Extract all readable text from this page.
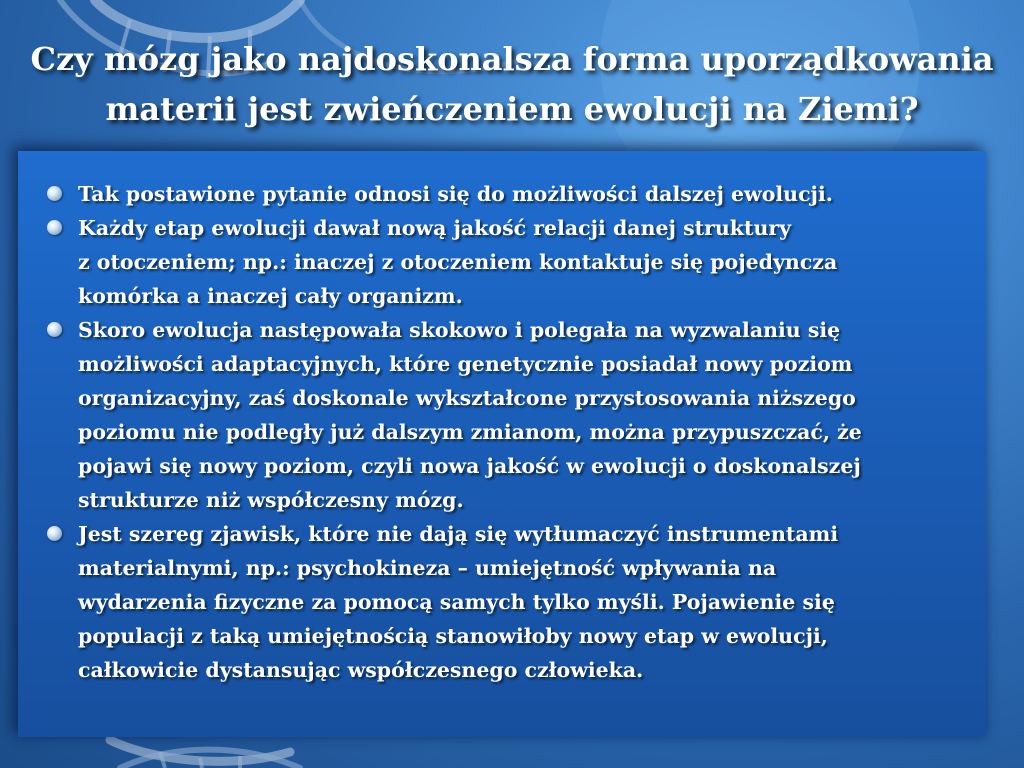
Czy mózg jako najdoskonalsza forma uporządkowania
materii jest zwieńczeniem ewolucji na Ziemi?
Tak postawione pytanie odnosi się do możliwości dalszej ewolucji.
Każdy etap ewolucji dawał nową jakość relacji danej struktury
z otoczeniem; np.: inaczej z otoczeniem kontaktuje się pojedyncza
komórka a inaczej cały organizm.
Skoro ewolucja następowała skokowo i polegała na wyzwalaniu się
możliwości adaptacyjnych, które genetycznie posiadał nowy poziom
organizacyjny, zaś doskonale wykształcone przystosowania niższego
poziomu nie podległy już dalszym zmianom, można przypuszczać, że
pojawi się nowy poziom, czyli nowa jakość w ewolucji o doskonalszej
strukturze niż współczesny mózg.
Jest szereg zjawisk, które nie dają się wytłumaczyć instrumentami
materialnymi, np.: psychokineza – umiejętność wpływania na
wydarzenia fizyczne za pomocą samych tylko myśli. Pojawienie się
populacji z taką umiejętnością stanowiłoby nowy etap w ewolucji,
całkowicie dystansując współczesnego człowieka.
